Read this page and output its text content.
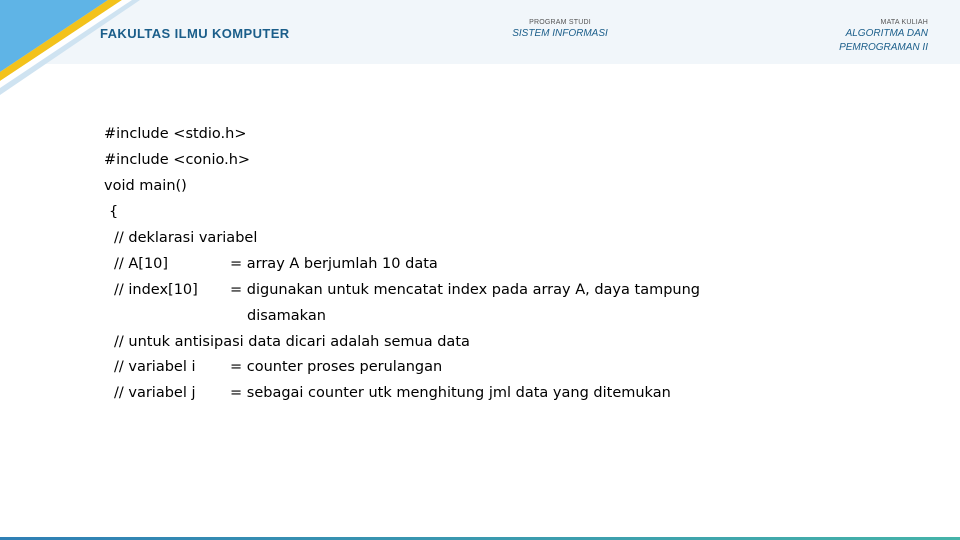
FAKULTAS ILMU KOMPUTER
PROGRAM STUDI
SISTEM INFORMASI
MATA KULIAH
ALGORITMA DAN
PEMROGRAMAN II
#include <stdio.h>
#include <conio.h>
void main()
{
// deklarasi variabel
// A[10]	= array A berjumlah 10 data
// index[10] = digunakan untuk mencatat index pada array A, daya tampung
disamakan
// untuk antisipasi data dicari adalah semua data
// variabel i = counter proses perulangan
// variabel j = sebagai counter utk menghitung jml data yang ditemukan
